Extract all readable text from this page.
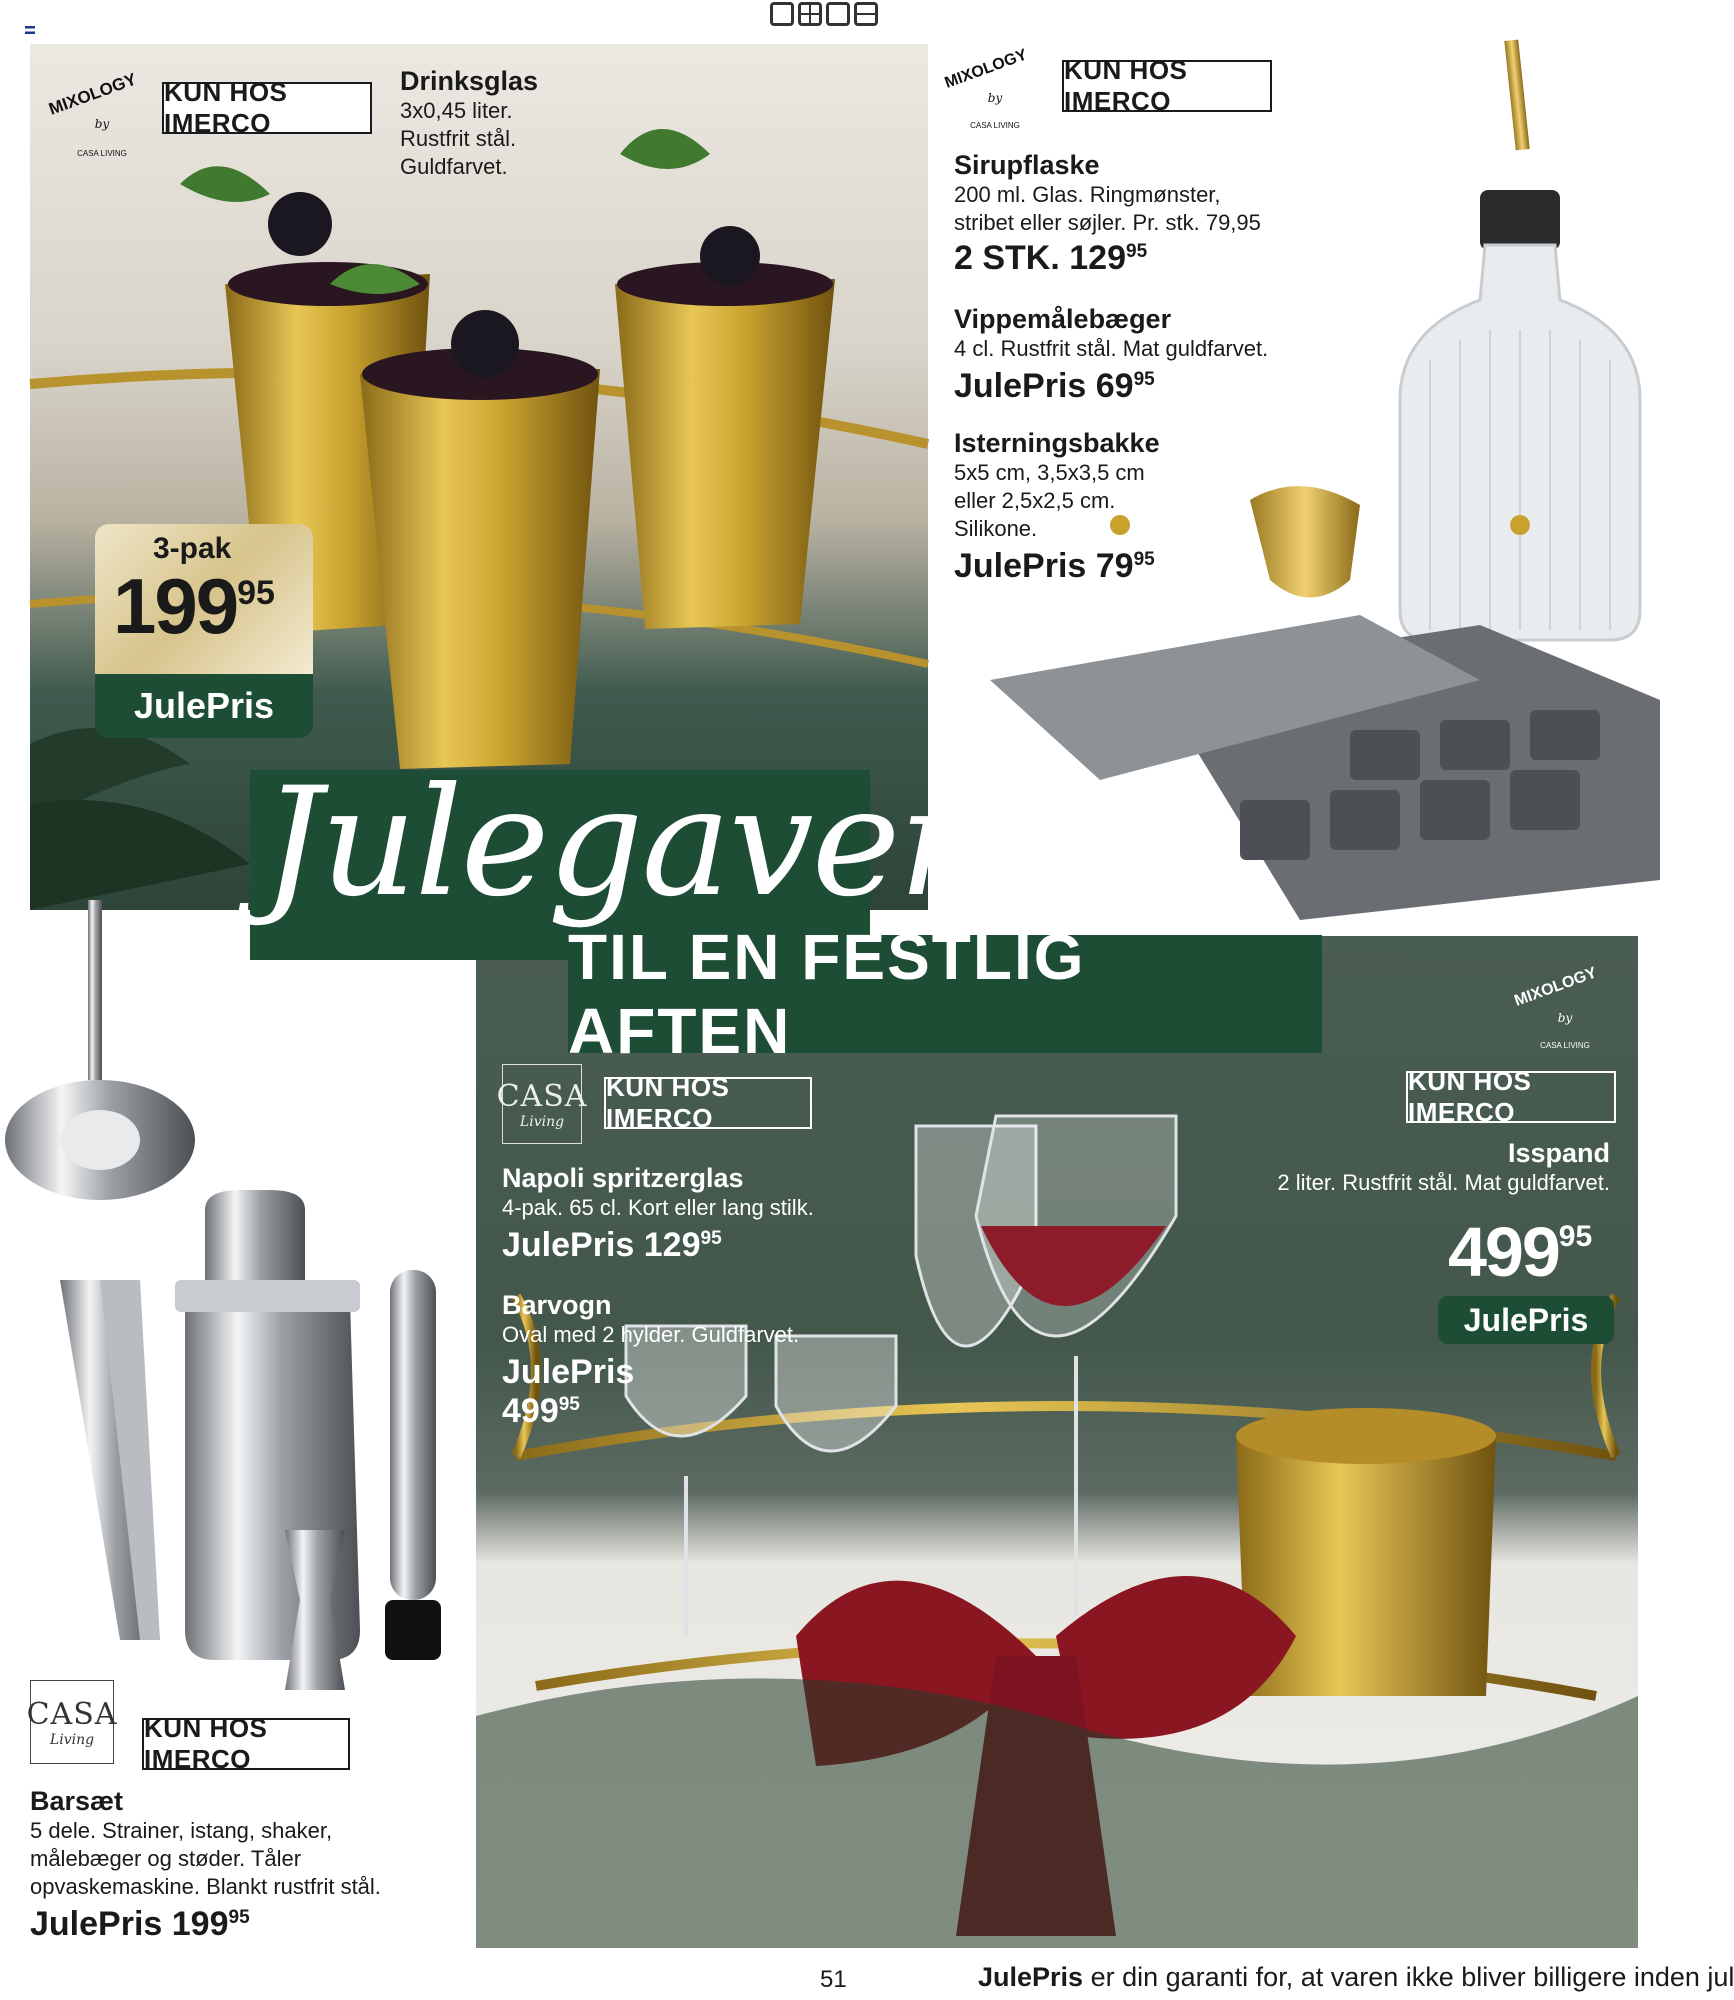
MIXOLOGY
by
CASA LIVING
KUN HOS IMERCO
Drinksglas
3x0,45 liter.
Rustfrit stål.
Guldfarvet.
3-pak
199 95
JulePris
MIXOLOGY
by
CASA LIVING
KUN HOS IMERCO
Sirupflaske
200 ml. Glas. Ringmønster,
stribet eller søjler. Pr. stk. 79,95
2 STK. $129^{95}$
Vippemålebæger
4 cl. Rustfrit stål. Mat guldfarvet.
JulePris $69^{95}$
Isterningsbakke
5x5 cm, 3,5x3,5 cm
eller 2,5x2,5 cm.
Silikone.
JulePris $79^{95}$
Julegaver
TIL EN FESTLIG AFTEN
CASA
Living
KUN HOS IMERCO
Napoli spritzerglas
4-pak. 65 cl. Kort eller lang stilk.
JulePris $129^{95}$
Barvogn
Oval med 2 hylder. Guldfarvet.
JulePris
$499^{95}$
MIXOLOGY
by
CASA LIVING
KUN HOS IMERCO
Isspand
2 liter. Rustfrit stål. Mat guldfarvet.
499 95
JulePris
CASA
Living KUN HOS IMERCO
Barsæt
5 dele. Strainer, istang, shaker,
målebæger og støder. Tåler
opvaskemaskine. Blankt rustfrit stål.
JulePris $199^{95}$
51	JulePris er din garanti for, at varen ikke bliver billigere inden jul
